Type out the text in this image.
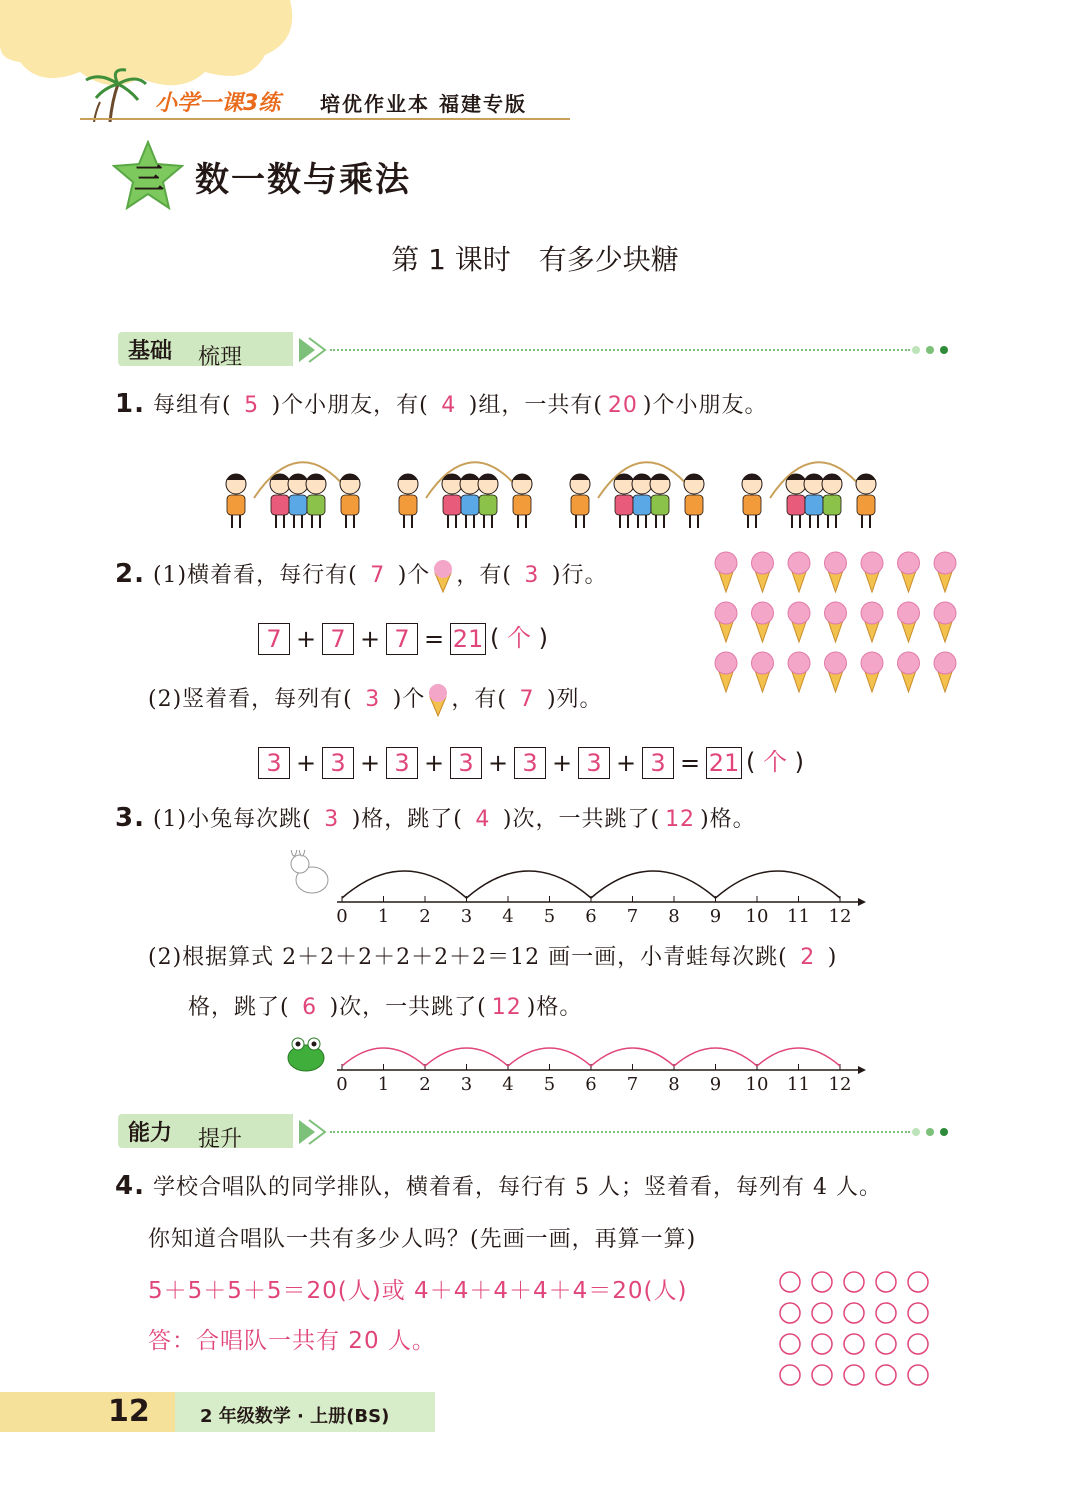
小学一课3练 培优作业本 福建专版
三 数一数与乘法
第 1 课时　有多少块糖
基础 梳理
1. 每组有( 5 )个小朋友，有( 4 )组，一共有( 20 )个小朋友。
2. (1)横着看，每行有( 7 )个 ，有( 3 )行。
7 + 7 + 7 = 21 ( 个 )
(2)竖着看，每列有( 3 )个 ，有( 7 )列。
3 + 3 + 3 + 3 + 3 + 3 + 3 = 21 ( 个 )
3. (1)小兔每次跳( 3 )格，跳了( 4 )次，一共跳了( 12 )格。
0 1 2 3 4 5 6 7 8 9 10 11 12
(2)根据算式 2＋2＋2＋2＋2＋2＝12 画一画，小青蛙每次跳( 2 )
格，跳了( 6 )次，一共跳了( 12 )格。
0 1 2 3 4 5 6 7 8 9 10 11 12
能力 提升
4. 学校合唱队的同学排队，横着看，每行有 5 人；竖着看，每列有 4 人。
你知道合唱队一共有多少人吗？(先画一画，再算一算)
5＋5＋5＋5＝20(人)或 4＋4＋4＋4＋4＝20(人)
答：合唱队一共有 20 人。
12	2 年级数学 · 上册(BS)
